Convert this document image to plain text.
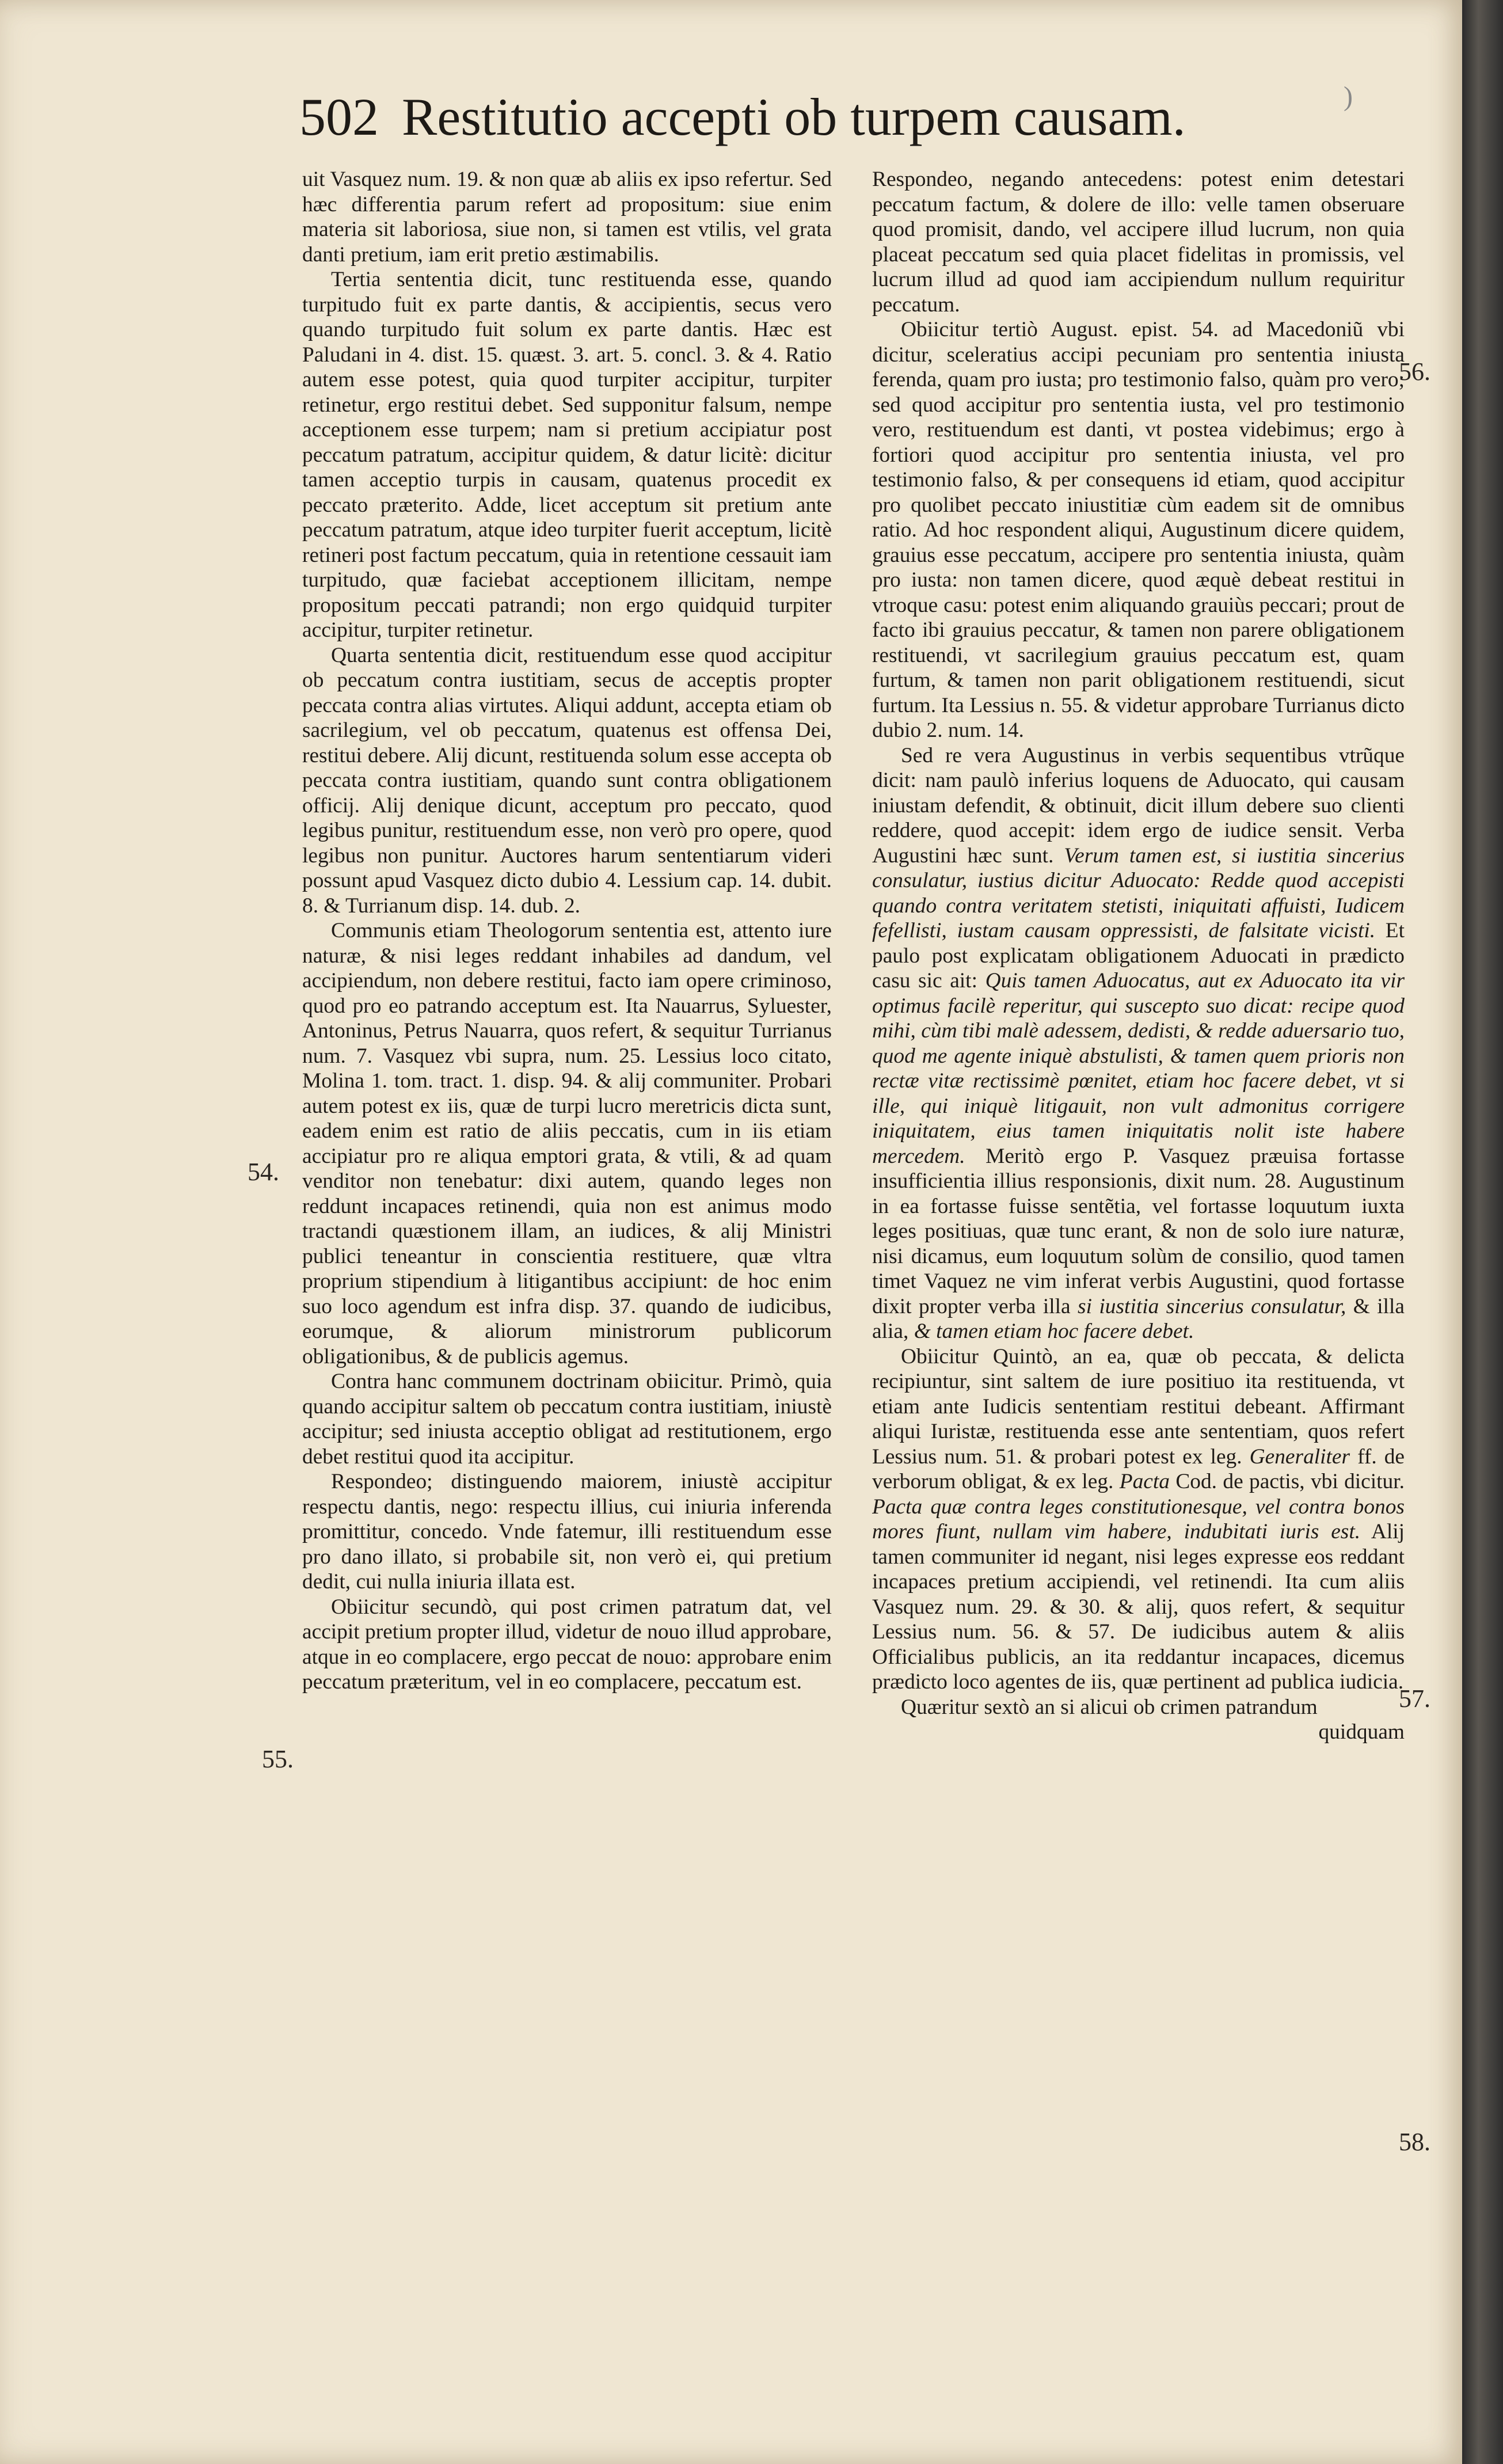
502 Restitutio accepti ob turpem causam.	)

uit Vasquez num. 19. & non quæ ab aliis ex ipso refertur. Sed hæc differentia parum refert ad propositum: siue enim materia sit laboriosa, siue non, si tamen est vtilis, vel grata danti pretium, iam erit pretio æstimabilis.

Tertia sententia dicit, tunc restituenda esse, quando turpitudo fuit ex parte dantis, & accipientis, secus vero quando turpitudo fuit solum ex parte dantis. Hæc est Paludani in 4. dist. 15. quæst. 3. art. 5. concl. 3. & 4. Ratio autem esse potest, quia quod turpiter accipitur, turpiter retinetur, ergo restitui debet. Sed supponitur falsum, nempe acceptionem esse turpem; nam si pretium accipiatur post peccatum patratum, accipitur quidem, & datur licitè: dicitur tamen acceptio turpis in causam, quatenus procedit ex peccato præterito. Adde, licet acceptum sit pretium ante peccatum patratum, atque ideo turpiter fuerit acceptum, licitè retineri post factum peccatum, quia in retentione cessauit iam turpitudo, quæ faciebat acceptionem illicitam, nempe propositum peccati patrandi; non ergo quidquid turpiter accipitur, turpiter retinetur.

Quarta sententia dicit, restituendum esse quod accipitur ob peccatum contra iustitiam, secus de acceptis propter peccata contra alias virtutes. Aliqui addunt, accepta etiam ob sacrilegium, vel ob peccatum, quatenus est offensa Dei, restitui debere. Alij dicunt, restituenda solum esse accepta ob peccata contra iustitiam, quando sunt contra obligationem officij. Alij denique dicunt, acceptum pro peccato, quod legibus punitur, restituendum esse, non verò pro opere, quod legibus non punitur. Auctores harum sententiarum videri possunt apud Vasquez dicto dubio 4. Lessium cap. 14. dubit. 8. & Turrianum disp. 14. dub. 2.

Communis etiam Theologorum sententia est, attento iure naturæ, & nisi leges reddant inhabiles ad dandum, vel accipiendum, non debere restitui, facto iam opere criminoso, quod pro eo patrando acceptum est. Ita Nauarrus, Syluester, Antoninus, Petrus Nauarra, quos refert, & sequitur Turrianus num. 7. Vasquez vbi supra, num. 25. Lessius loco citato, Molina 1. tom. tract. 1. disp. 94. & alij communiter. Probari autem potest ex iis, quæ de turpi lucro meretricis dicta sunt, eadem enim est ratio de aliis peccatis, cum in iis etiam accipiatur pro re aliqua emptori grata, & vtili, & ad quam venditor non tenebatur: dixi autem, quando leges non reddunt incapaces retinendi, quia non est animus modo tractandi quæstionem illam, an iudices, & alij Ministri publici teneantur in conscientia restituere, quæ vltra proprium stipendium à litigantibus accipiunt: de hoc enim suo loco agendum est infra disp. 37. quando de iudicibus, eorumque, & aliorum ministrorum publicorum obligationibus, & de publicis agemus.

Contra hanc communem doctrinam obiicitur. Primò, quia quando accipitur saltem ob peccatum contra iustitiam, iniustè accipitur; sed iniusta acceptio obligat ad restitutionem, ergo debet restitui quod ita accipitur.

Respondeo; distinguendo maiorem, iniustè accipitur respectu dantis, nego: respectu illius, cui iniuria inferenda promittitur, concedo. Vnde fatemur, illi restituendum esse pro dano illato, si probabile sit, non verò ei, qui pretium dedit, cui nulla iniuria illata est.

Obiicitur secundò, qui post crimen patratum dat, vel accipit pretium propter illud, videtur de nouo illud approbare, atque in eo complacere, ergo peccat de nouo: approbare enim peccatum præteritum, vel in eo complacere, peccatum est.

Respondeo, negando antecedens: potest enim detestari peccatum factum, & dolere de illo: velle tamen obseruare quod promisit, dando, vel accipere illud lucrum, non quia placeat peccatum sed quia placet fidelitas in promissis, vel lucrum illud ad quod iam accipiendum nullum requiritur peccatum.

Obiicitur tertiò August. epist. 54. ad Macedoniũ vbi dicitur, sceleratius accipi pecuniam pro sententia iniusta ferenda, quam pro iusta; pro testimonio falso, quàm pro vero; sed quod accipitur pro sententia iusta, vel pro testimonio vero, restituendum est danti, vt postea videbimus; ergo à fortiori quod accipitur pro sententia iniusta, vel pro testimonio falso, & per consequens id etiam, quod accipitur pro quolibet peccato iniustitiæ cùm eadem sit de omnibus ratio. Ad hoc respondent aliqui, Augustinum dicere quidem, grauius esse peccatum, accipere pro sententia iniusta, quàm pro iusta: non tamen dicere, quod æquè debeat restitui in vtroque casu: potest enim aliquando grauiùs peccari; prout de facto ibi grauius peccatur, & tamen non parere obligationem restituendi, vt sacrilegium grauius peccatum est, quam furtum, & tamen non parit obligationem restituendi, sicut furtum. Ita Lessius n. 55. & videtur approbare Turrianus dicto dubio 2. num. 14.

Sed re vera Augustinus in verbis sequentibus vtrũque dicit: nam paulò inferius loquens de Aduocato, qui causam iniustam defendit, & obtinuit, dicit illum debere suo clienti reddere, quod accepit: idem ergo de iudice sensit. Verba Augustini hæc sunt. Verum tamen est, si iustitia sincerius consulatur, iustius dicitur Aduocato: Redde quod accepisti quando contra veritatem stetisti, iniquitati affuisti, Iudicem fefellisti, iustam causam oppressisti, de falsitate vicisti. Et paulo post explicatam obligationem Aduocati in prædicto casu sic ait: Quis tamen Aduocatus, aut ex Aduocato ita vir optimus facilè reperitur, qui suscepto suo dicat: recipe quod mihi, cùm tibi malè adessem, dedisti, & redde aduersario tuo, quod me agente iniquè abstulisti, & tamen quem prioris non rectæ vitæ rectissimè pœnitet, etiam hoc facere debet, vt si ille, qui iniquè litigauit, non vult admonitus corrigere iniquitatem, eius tamen iniquitatis nolit iste habere mercedem. Meritò ergo P. Vasquez præuisa fortasse insufficientia illius responsionis, dixit num. 28. Augustinum in ea fortasse fuisse sentẽtia, vel fortasse loquutum iuxta leges positiuas, quæ tunc erant, & non de solo iure naturæ, nisi dicamus, eum loquutum solùm de consilio, quod tamen timet Vaquez ne vim inferat verbis Augustini, quod fortasse dixit propter verba illa si iustitia sincerius consulatur, & illa alia, & tamen etiam hoc facere debet.

Obiicitur Quintò, an ea, quæ ob peccata, & delicta recipiuntur, sint saltem de iure positiuo ita restituenda, vt etiam ante Iudicis sententiam restitui debeant. Affirmant aliqui Iuristæ, restituenda esse ante sententiam, quos refert Lessius num. 51. & probari potest ex leg. Generaliter ff. de verborum obligat, & ex leg. Pacta Cod. de pactis, vbi dicitur. Pacta quæ contra leges constitutionesque, vel contra bonos mores fiunt, nullam vim habere, indubitati iuris est. Alij tamen communiter id negant, nisi leges expresse eos reddant incapaces pretium accipiendi, vel retinendi. Ita cum aliis Vasquez num. 29. & 30. & alij, quos refert, & sequitur Lessius num. 56. & 57. De iudicibus autem & aliis Officialibus publicis, an ita reddantur incapaces, dicemus prædicto loco agentes de iis, quæ pertinent ad publica iudicia.

Quæritur sextò an si alicui ob crimen patrandum

quidquam

54.
55.
56.
57.
58.
